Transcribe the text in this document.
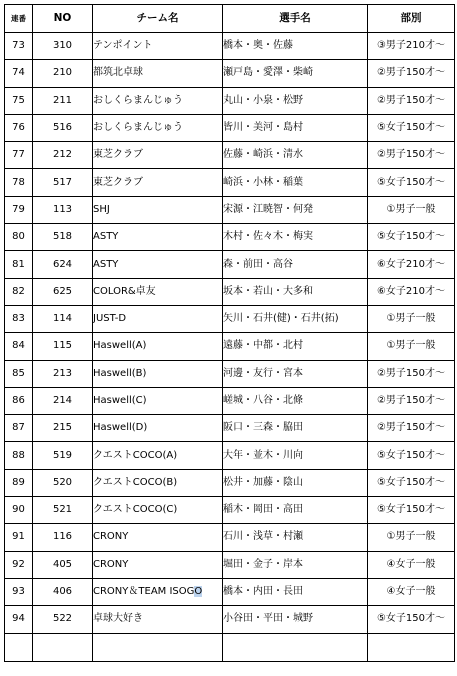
連番	NO	チーム名	選手名	部別
73	310	テンポイント	橋本・奥・佐藤	③男子210才～
74	210	都筑北卓球	瀬戸島・愛澤・柴崎	②男子150才～
75	211	おしくらまんじゅう	丸山・小泉・松野	②男子150才～
76	516	おしくらまんじゅう	皆川・美河・島村	⑤女子150才～
77	212	東芝クラブ	佐藤・崎浜・清水	②男子150才～
78	517	東芝クラブ	崎浜・小林・稲葉	⑤女子150才～
79	113	SHJ	宋源・江暁智・何発	①男子一般
80	518	ASTY	木村・佐々木・梅実	⑤女子150才～
81	624	ASTY	森・前田・高谷	⑥女子210才～
82	625	COLOR&卓友	坂本・若山・大多和	⑥女子210才～
83	114	JUST-D	矢川・石井(健)・石井(拓)	①男子一般
84	115	Haswell(A)	遠藤・中都・北村	①男子一般
85	213	Haswell(B)	河邊・友行・宮本	②男子150才～
86	214	Haswell(C)	嵯城・八谷・北條	②男子150才～
87	215	Haswell(D)	阪口・三森・脇田	②男子150才～
88	519	クエストCOCO(A)	大年・並木・川向	⑤女子150才～
89	520	クエストCOCO(B)	松井・加藤・陰山	⑤女子150才～
90	521	クエストCOCO(C)	稲木・岡田・高田	⑤女子150才～
91	116	CRONY	石川・浅草・村瀬	①男子一般
92	405	CRONY	堀田・金子・岸本	④女子一般
93	406	CRONY＆TEAM ISOGO	橋本・内田・長田	④女子一般
94	522	卓球大好き	小谷田・平田・城野	⑤女子150才～
